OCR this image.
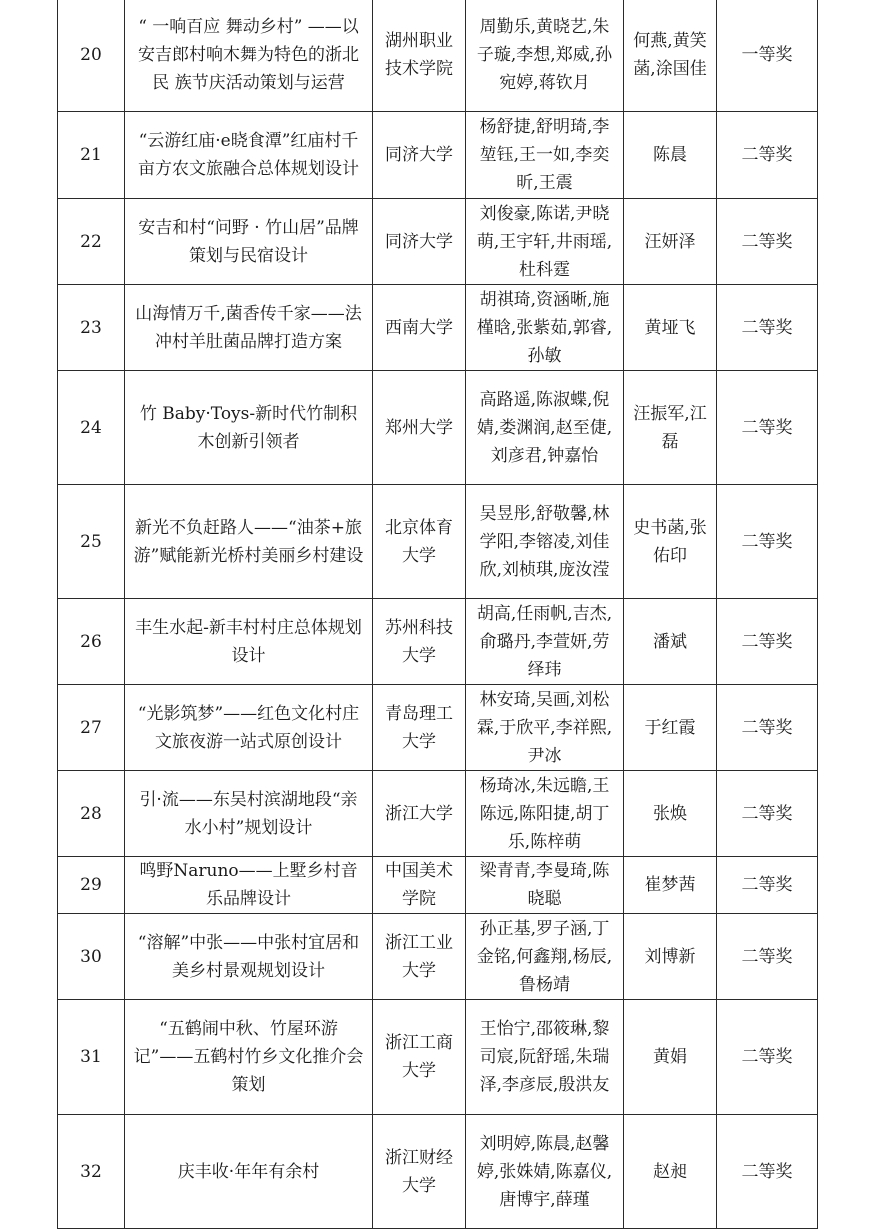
20	“ 一响百应 舞动乡村” ——以安吉郎村响木舞为特色的浙北民 族节庆活动策划与运营	湖州职业技术学院	周勤乐,黄晓艺,朱子璇,李想,郑威,孙宛婷,蒋钦月	何燕,黄笑菡,涂国佳	一等奖
21	“云游红庙·e晓食潭”红庙村千亩方农文旅融合总体规划设计	同济大学	杨舒捷,舒明琦,李堃钰,王一如,李奕昕,王震	陈晨	二等奖
22	安吉和村“问野 · 竹山居”品牌策划与民宿设计	同济大学	刘俊豪,陈诺,尹晓萌,王宇轩,井雨瑶,杜科霆	汪妍泽	二等奖
23	山海情万千,菌香传千家——法冲村羊肚菌品牌打造方案	西南大学	胡祺琦,资涵晰,施槿晗,张紫茹,郭睿,孙敏	黄垭飞	二等奖
24	竹 Baby·Toys-新时代竹制积木创新引领者	郑州大学	高路遥,陈淑蝶,倪婧,娄渊润,赵至倢,刘彦君,钟嘉怡	汪振军,江磊	二等奖
25	新光不负赶路人——“油茶+旅游”赋能新光桥村美丽乡村建设	北京体育大学	吴昱彤,舒敬馨,林学阳,李镕凌,刘佳欣,刘桢琪,庞汝滢	史书菡,张佑印	二等奖
26	丰生水起-新丰村村庄总体规划设计	苏州科技大学	胡高,任雨帆,吉杰,俞璐丹,李萱妍,劳绎玮	潘斌	二等奖
27	“光影筑梦”——红色文化村庄文旅夜游一站式原创设计	青岛理工大学	林安琦,吴画,刘松霖,于欣平,李祥熙,尹冰	于红霞	二等奖
28	引·流——东吴村滨湖地段“亲水小村”规划设计	浙江大学	杨琦冰,朱远瞻,王陈远,陈阳捷,胡丁乐,陈梓萌	张焕	二等奖
29	鸣野Naruno——上墅乡村音乐品牌设计	中国美术学院	梁青青,李曼琦,陈晓聪	崔梦茜	二等奖
30	“溶解”中张——中张村宜居和美乡村景观规划设计	浙江工业大学	孙正基,罗子涵,丁金铭,何鑫翔,杨辰,鲁杨靖	刘博新	二等奖
31	“五鹤闹中秋、竹屋环游记”——五鹤村竹乡文化推介会策划	浙江工商大学	王怡宁,邵筱琳,黎司宸,阮舒瑶,朱瑞泽,李彦辰,殷洪友	黄娟	二等奖
32	庆丰收·年年有余村	浙江财经大学	刘明婷,陈晨,赵馨婷,张姝婧,陈嘉仪,唐博宇,薛瑾	赵昶	二等奖
